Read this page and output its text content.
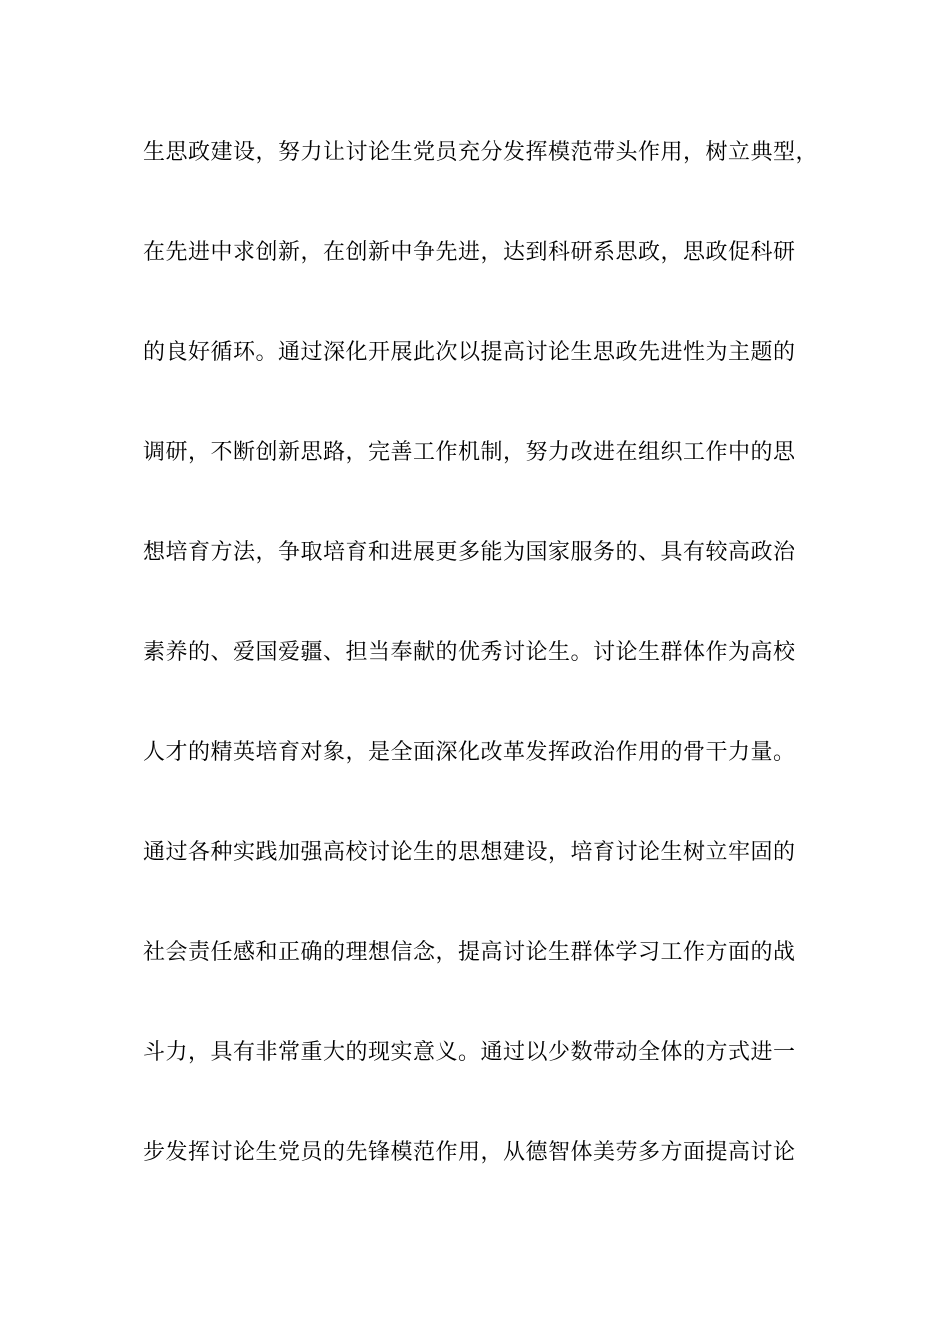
生思政建设，努力让讨论生党员充分发挥模范带头作用，树立典型，
在先进中求创新，在创新中争先进，达到科研系思政，思政促科研
的良好循环。通过深化开展此次以提高讨论生思政先进性为主题的
调研，不断创新思路，完善工作机制，努力改进在组织工作中的思
想培育方法，争取培育和进展更多能为国家服务的、具有较高政治
素养的、爱国爱疆、担当奉献的优秀讨论生。讨论生群体作为高校
人才的精英培育对象，是全面深化改革发挥政治作用的骨干力量。
通过各种实践加强高校讨论生的思想建设，培育讨论生树立牢固的
社会责任感和正确的理想信念，提高讨论生群体学习工作方面的战
斗力，具有非常重大的现实意义。通过以少数带动全体的方式进一
步发挥讨论生党员的先锋模范作用，从德智体美劳多方面提高讨论
